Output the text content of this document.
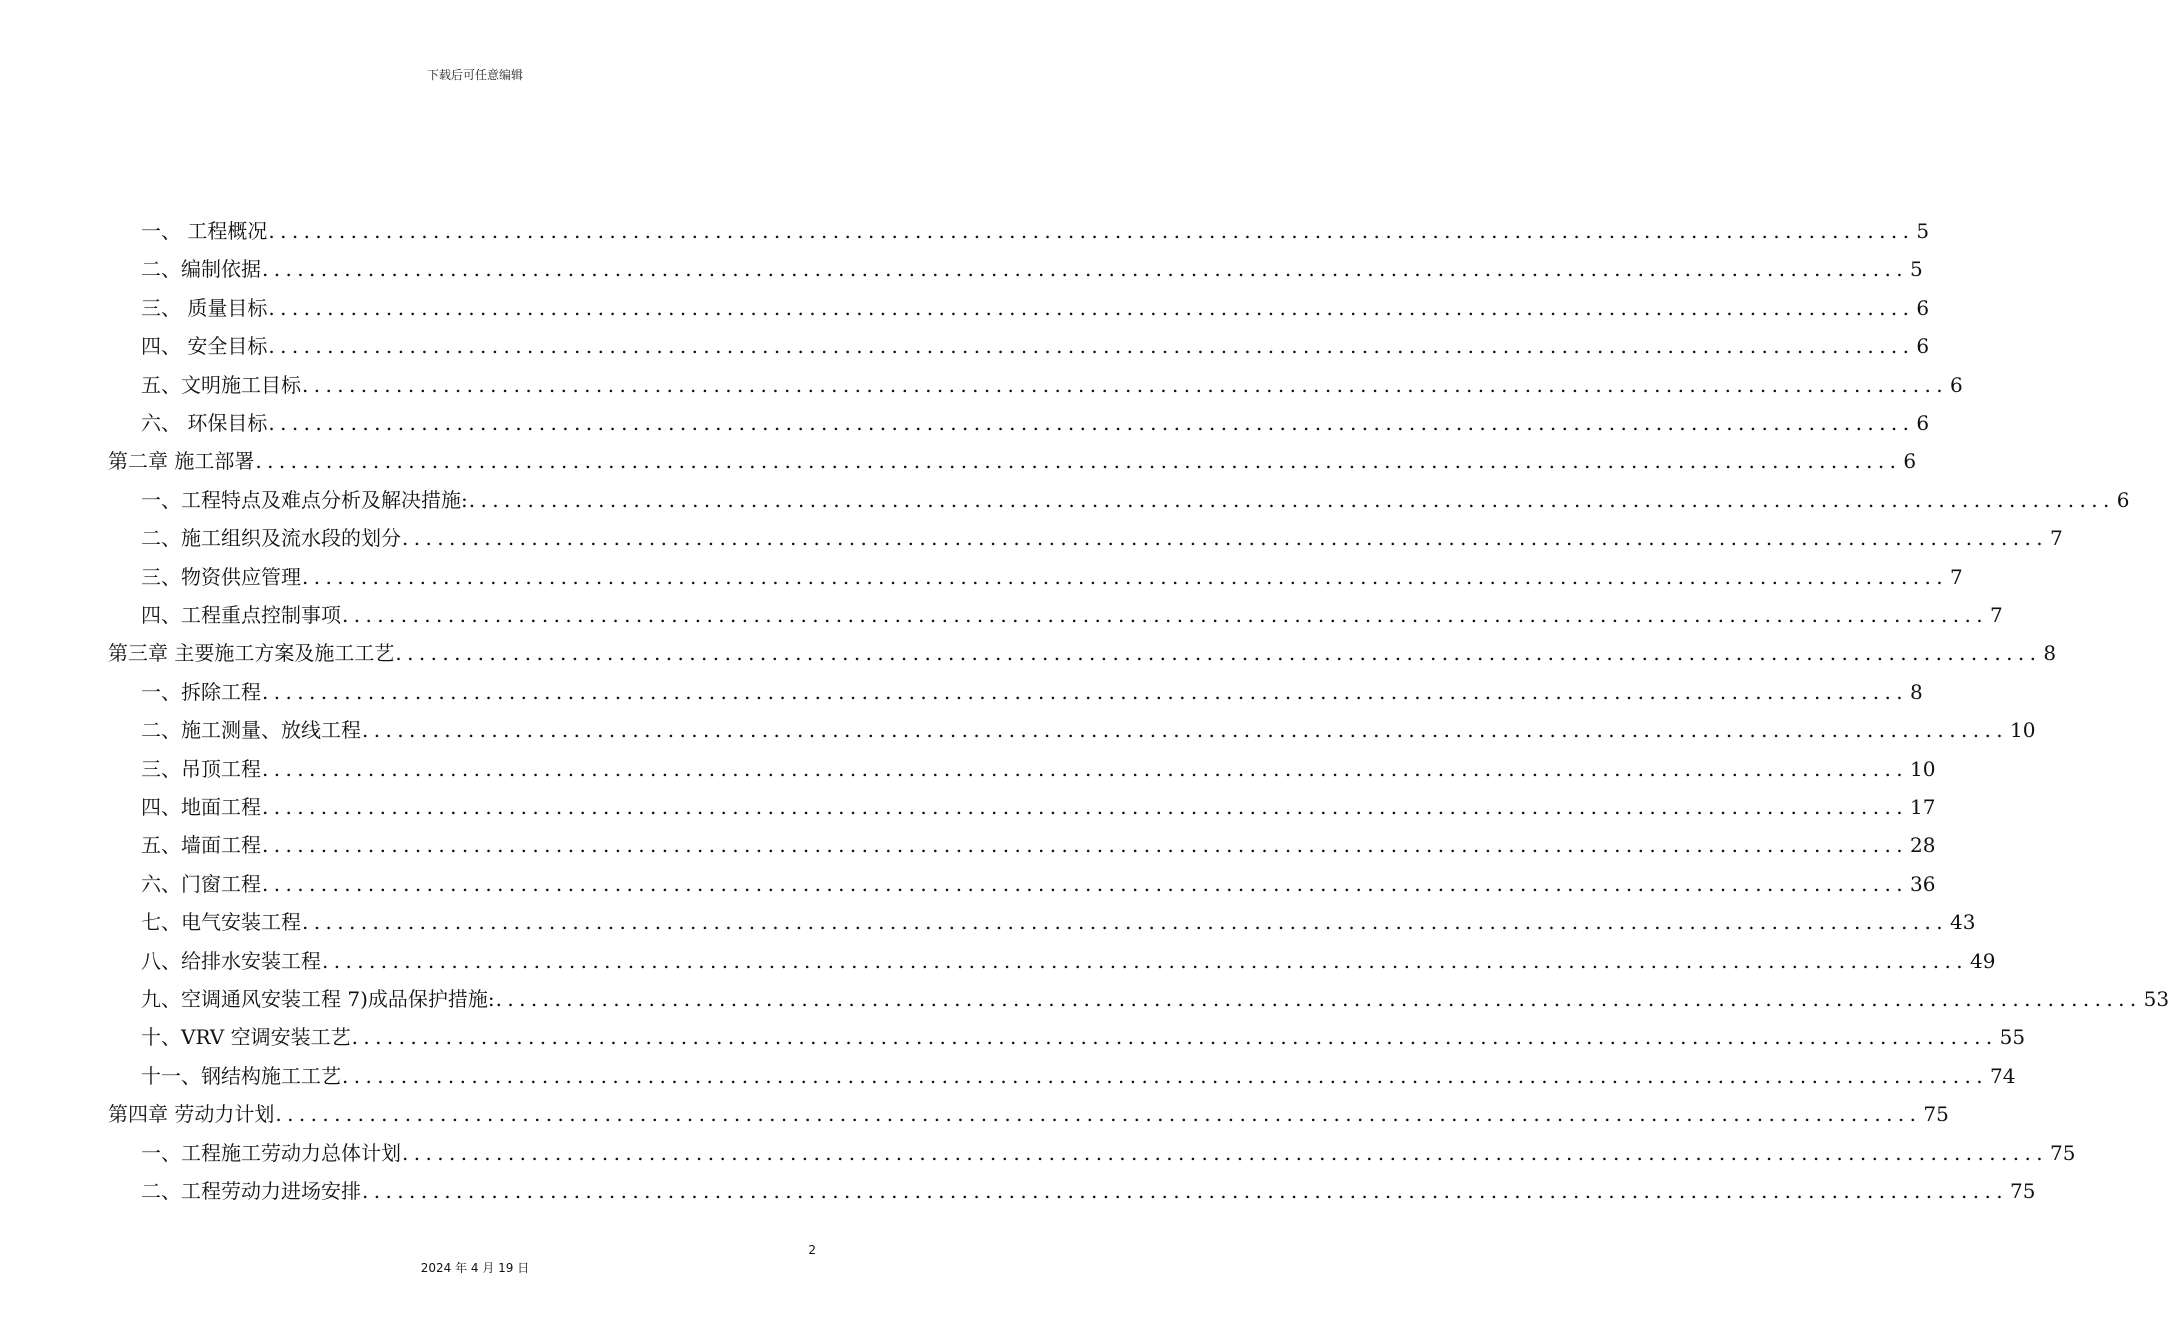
下载后可任意编辑
一、 工程概况 ............................................................................................................................................ 5
二、编制依据 ............................................................................................................................................ 5
三、 质量目标 ............................................................................................................................................ 6
四、 安全目标 ............................................................................................................................................ 6
五、文明施工目标 ............................................................................................................................................ 6
六、 环保目标 ............................................................................................................................................ 6
第二章 施工部署 ............................................................................................................................................ 6
一、工程特点及难点分析及解决措施: ............................................................................................................................................ 6
二、施工组织及流水段的划分 ............................................................................................................................................ 7
三、物资供应管理 ............................................................................................................................................ 7
四、工程重点控制事项 ............................................................................................................................................ 7
第三章 主要施工方案及施工工艺 ............................................................................................................................................ 8
一、拆除工程 ............................................................................................................................................ 8
二、施工测量、放线工程 ............................................................................................................................................ 10
三、吊顶工程 ............................................................................................................................................ 10
四、地面工程 ............................................................................................................................................ 17
五、墙面工程 ............................................................................................................................................ 28
六、门窗工程 ............................................................................................................................................ 36
七、电气安装工程 ............................................................................................................................................ 43
八、给排水安装工程 ............................................................................................................................................ 49
九、空调通风安装工程 7)成品保护措施: ............................................................................................................................................ 53
十、VRV 空调安装工艺 ............................................................................................................................................ 55
十一、钢结构施工工艺 ............................................................................................................................................ 74
第四章 劳动力计划 ............................................................................................................................................ 75
一、工程施工劳动力总体计划 ............................................................................................................................................ 75
二、工程劳动力进场安排 ............................................................................................................................................ 75
2
2024 年 4 月 19 日
